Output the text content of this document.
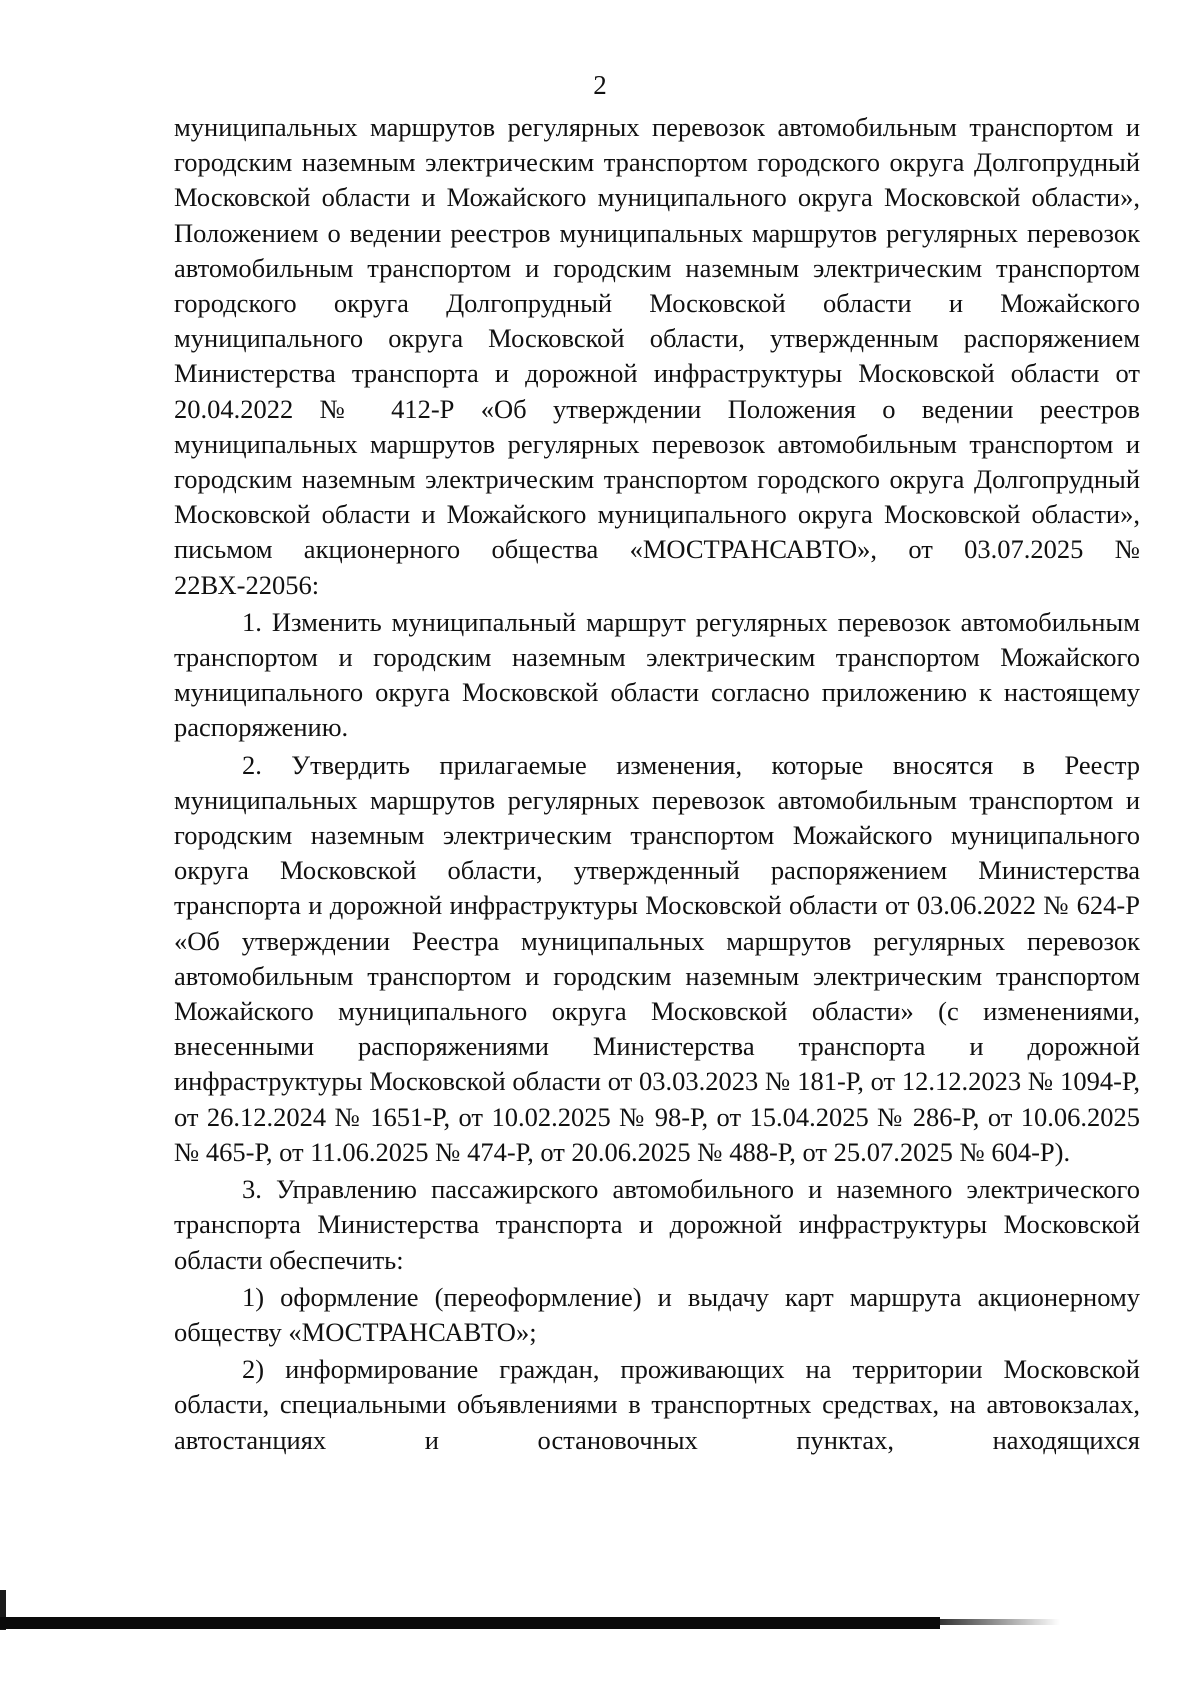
2

муниципальных маршрутов регулярных перевозок автомобильным транспортом и городским наземным электрическим транспортом городского округа Долгопрудный Московской области и Можайского муниципального округа Московской области», Положением о ведении реестров муниципальных маршрутов регулярных перевозок автомобильным транспортом и городским наземным электрическим транспортом городского округа Долгопрудный Московской области и Можайского муниципального округа Московской области, утвержденным распоряжением Министерства транспорта и дорожной инфраструктуры Московской области от 20.04.2022 № 412-Р «Об утверждении Положения о ведении реестров муниципальных маршрутов регулярных перевозок автомобильным транспортом и городским наземным электрическим транспортом городского округа Долгопрудный Московской области и Можайского муниципального округа Московской области», письмом акционерного общества «МОСТРАНСАВТО», от 03.07.2025 № 22ВХ-22056:

1. Изменить муниципальный маршрут регулярных перевозок автомобильным транспортом и городским наземным электрическим транспортом Можайского муниципального округа Московской области согласно приложению к настоящему распоряжению.

2. Утвердить прилагаемые изменения, которые вносятся в Реестр муниципальных маршрутов регулярных перевозок автомобильным транспортом и городским наземным электрическим транспортом Можайского муниципального округа Московской области, утвержденный распоряжением Министерства транспорта и дорожной инфраструктуры Московской области от 03.06.2022 № 624-Р «Об утверждении Реестра муниципальных маршрутов регулярных перевозок автомобильным транспортом и городским наземным электрическим транспортом Можайского муниципального округа Московской области» (с изменениями, внесенными распоряжениями Министерства транспорта и дорожной инфраструктуры Московской области от 03.03.2023 № 181-Р, от 12.12.2023 № 1094-Р, от 26.12.2024 № 1651-Р, от 10.02.2025 № 98-Р, от 15.04.2025 № 286-Р, от 10.06.2025 № 465-Р, от 11.06.2025 № 474-Р, от 20.06.2025 № 488-Р, от 25.07.2025 № 604-Р).

3. Управлению пассажирского автомобильного и наземного электрического транспорта Министерства транспорта и дорожной инфраструктуры Московской области обеспечить:

1) оформление (переоформление) и выдачу карт маршрута акционерному обществу «МОСТРАНСАВТО»;

2) информирование граждан, проживающих на территории Московской области, специальными объявлениями в транспортных средствах, на автовокзалах, автостанциях и остановочных пунктах, находящихся
